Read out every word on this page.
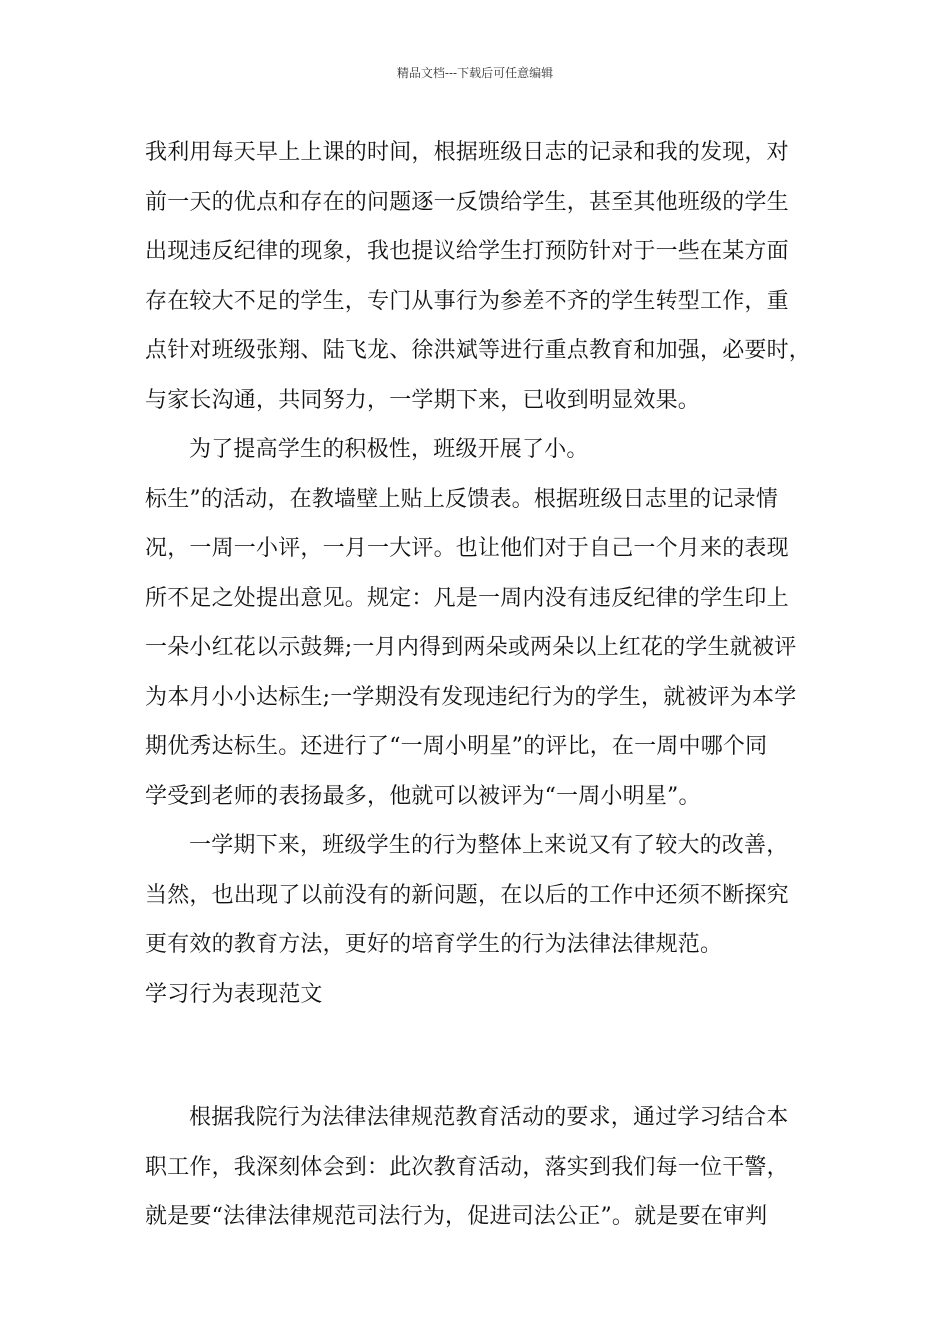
精品文档---下载后可任意编辑
我利用每天早上上课的时间，根据班级日志的记录和我的发现，对
前一天的优点和存在的问题逐一反馈给学生，甚至其他班级的学生
出现违反纪律的现象，我也提议给学生打预防针对于一些在某方面
存在较大不足的学生，专门从事行为参差不齐的学生转型工作，重
点针对班级张翔、陆飞龙、徐洪斌等进行重点教育和加强，必要时，
与家长沟通，共同努力，一学期下来，已收到明显效果。
为了提高学生的积极性，班级开展了小。
标生”的活动，在教墙壁上贴上反馈表。根据班级日志里的记录情
况，一周一小评，一月一大评。也让他们对于自己一个月来的表现
所不足之处提出意见。规定：凡是一周内没有违反纪律的学生印上
一朵小红花以示鼓舞;一月内得到两朵或两朵以上红花的学生就被评
为本月小小达标生;一学期没有发现违纪行为的学生，就被评为本学
期优秀达标生。还进行了“一周小明星”的评比，在一周中哪个同
学受到老师的表扬最多，他就可以被评为“一周小明星”。
一学期下来，班级学生的行为整体上来说又有了较大的改善，
当然，也出现了以前没有的新问题，在以后的工作中还须不断探究
更有效的教育方法，更好的培育学生的行为法律法律规范。
学习行为表现范文
根据我院行为法律法律规范教育活动的要求，通过学习结合本
职工作，我深刻体会到：此次教育活动，落实到我们每一位干警，
就是要“法律法律规范司法行为，促进司法公正”。就是要在审判
